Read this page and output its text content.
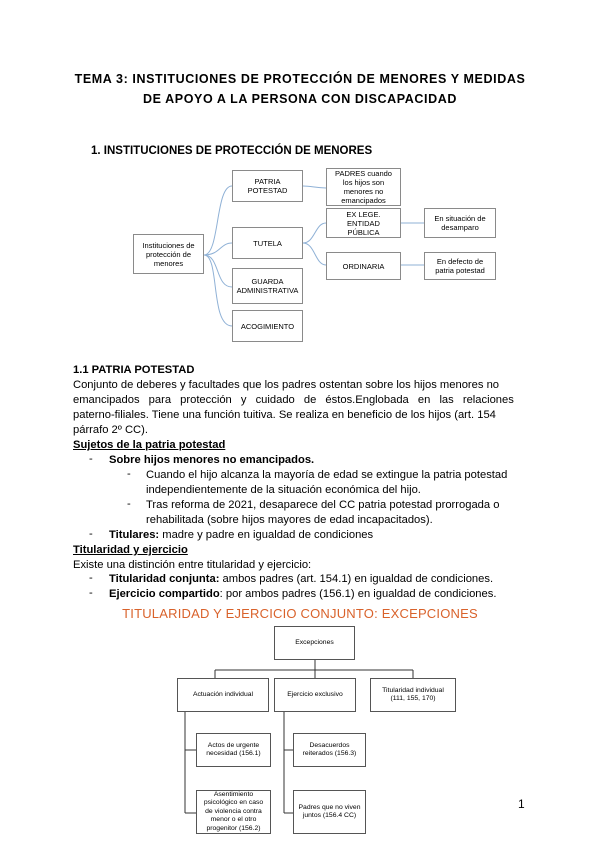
TEMA 3: INSTITUCIONES DE PROTECCIÓN DE MENORES Y MEDIDAS
DE APOYO A LA PERSONA CON DISCAPACIDAD
1. INSTITUCIONES DE PROTECCIÓN DE MENORES
Instituciones de protección de menores
PATRIA POTESTAD
TUTELA
GUARDA ADMINISTRATIVA
ACOGIMIENTO
PADRES cuando los hijos son menores no emancipados
EX LEGE. ENTIDAD PÚBLICA
ORDINARIA
En situación de desamparo
En defecto de patria potestad
1.1 PATRIA POTESTAD
Conjunto de deberes y facultades que los padres ostentan sobre los hijos menores no
emancipados para protección y cuidado de éstos.Englobada en las relaciones
paterno-filiales. Tiene una función tuitiva. Se realiza en beneficio de los hijos (art. 154
párrafo 2º CC).
Sujetos de la patria potestad
- Sobre hijos menores no emancipados.
- Cuando el hijo alcanza la mayoría de edad se extingue la patria potestad
independientemente de la situación económica del hijo.
- Tras reforma de 2021, desaparece del CC patria potestad prorrogada o
rehabilitada (sobre hijos mayores de edad incapacitados).
- Titulares: madre y padre en igualdad de condiciones
Titularidad y ejercicio
Existe una distinción entre titularidad y ejercicio:
- Titularidad conjunta: ambos padres (art. 154.1) en igualdad de condiciones.
- Ejercicio compartido: por ambos padres (156.1) en igualdad de condiciones.
TITULARIDAD Y EJERCICIO CONJUNTO: EXCEPCIONES
Excepciones
Actuación individual	Ejercicio exclusivo
Titularidad individual (111, 155, 170)
Actos de urgente necesidad (156.1)
Asentimiento psicológico en caso de violencia contra menor o el otro progenitor (156.2)
Desacuerdos reiterados (156.3)
Padres que no viven juntos (156.4 CC)
1
